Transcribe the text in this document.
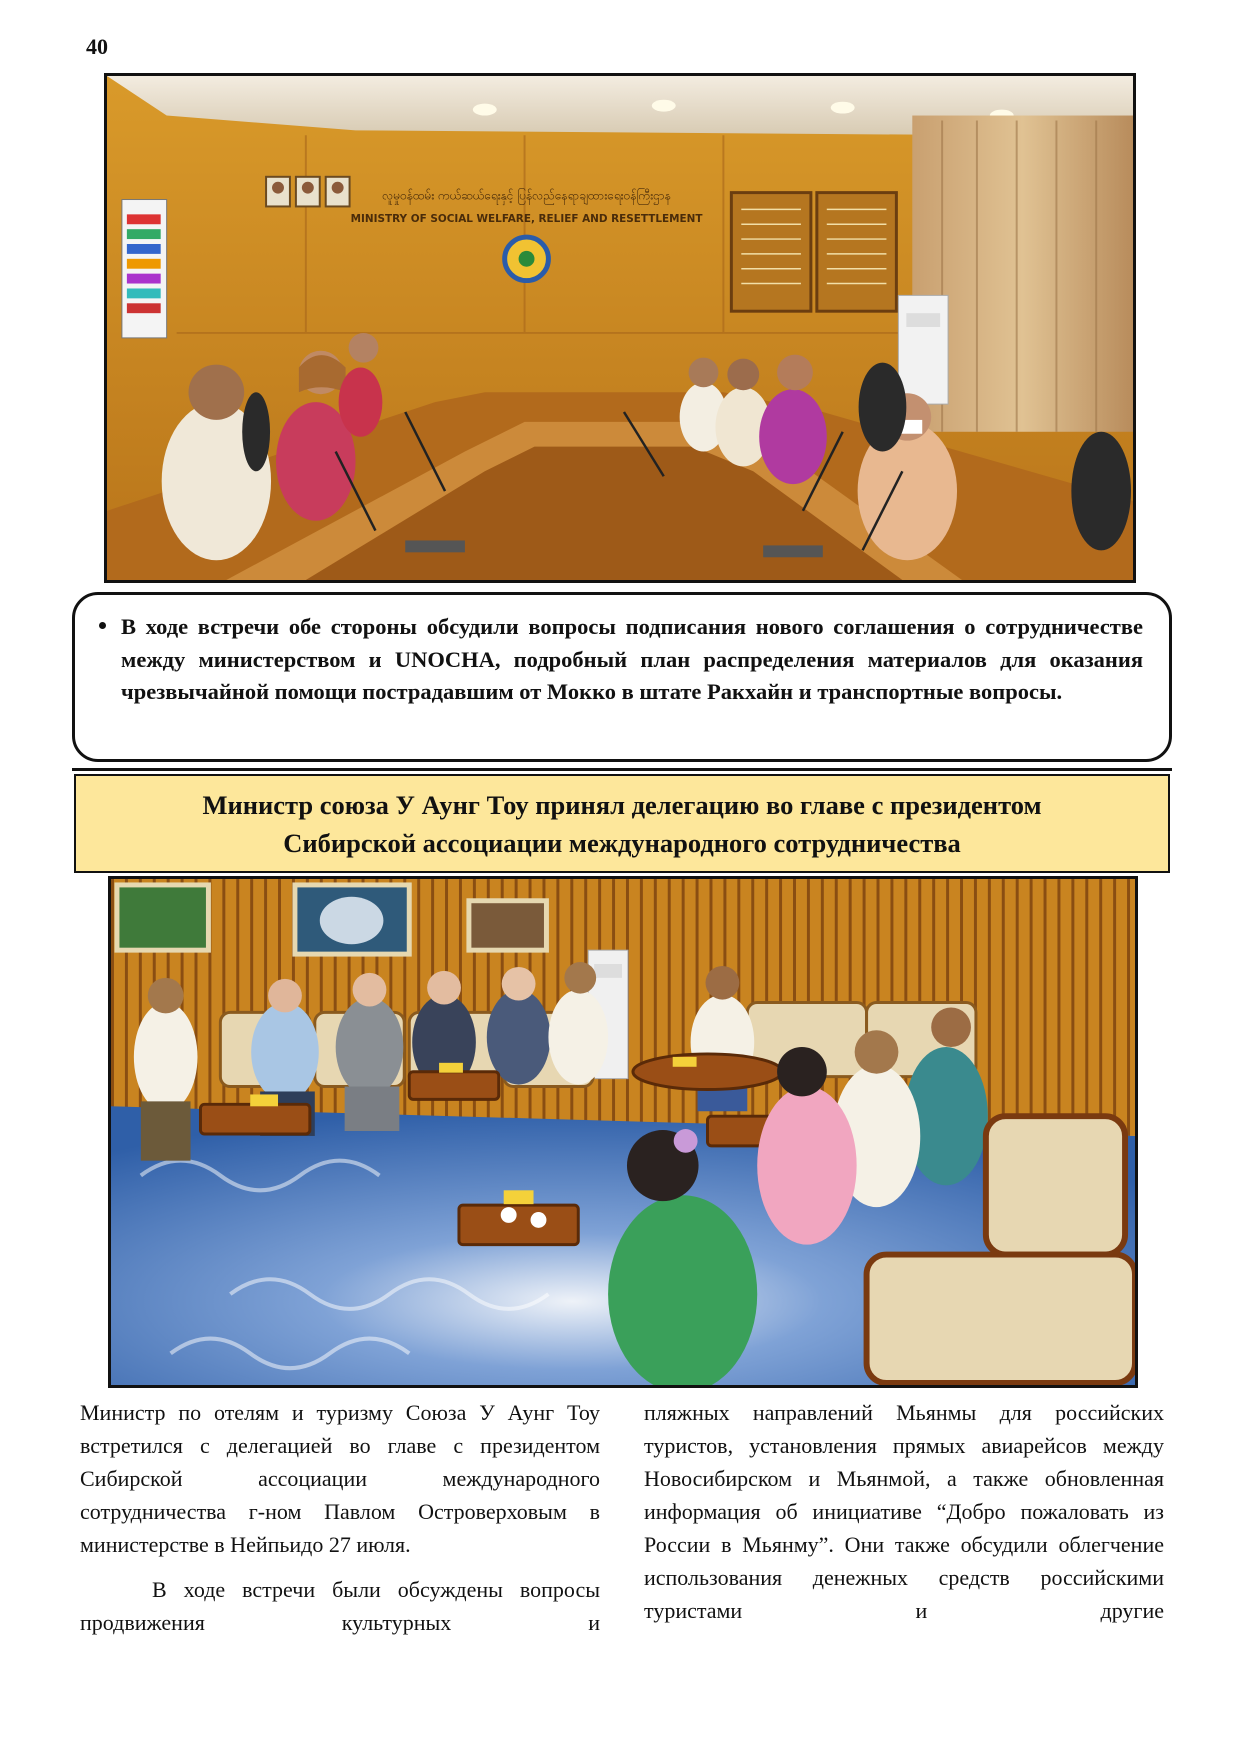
40
လူမှုဝန်ထမ်း ကယ်ဆယ်ရေးနှင့် ပြန်လည်နေရာချထားရေးဝန်ကြီးဌာန
MINISTRY OF SOCIAL WELFARE, RELIEF AND RESETTLEMENT
В ходе встречи обе стороны обсудили вопросы подписания нового соглашения о сотрудничестве между министерством и UNOCHA, подробный план распределения материалов для оказания чрезвычайной помощи пострадавшим от Мокко в штате Ракхайн и транспортные вопросы.
Министр союза У Аунг Тоу принял делегацию во главе с президентом
Сибирской ассоциации международного сотрудничества

Министр по отелям и туризму Союза У Аунг Тоу встретился с делегацией во главе с президентом Сибирской ассоциации международного сотрудничества г-ном Павлом Островерховым в министерстве в Нейпьидо 27 июля.

В ходе встречи были обсуждены вопросы продвижения культурных и

пляжных направлений Мьянмы для российских туристов, установления прямых авиарейсов между Новосибирском и Мьянмой, а также обновленная информация об инициативе “Добро пожаловать из России в Мьянму”. Они также обсудили облегчение использования денежных средств российскими туристами и другие
